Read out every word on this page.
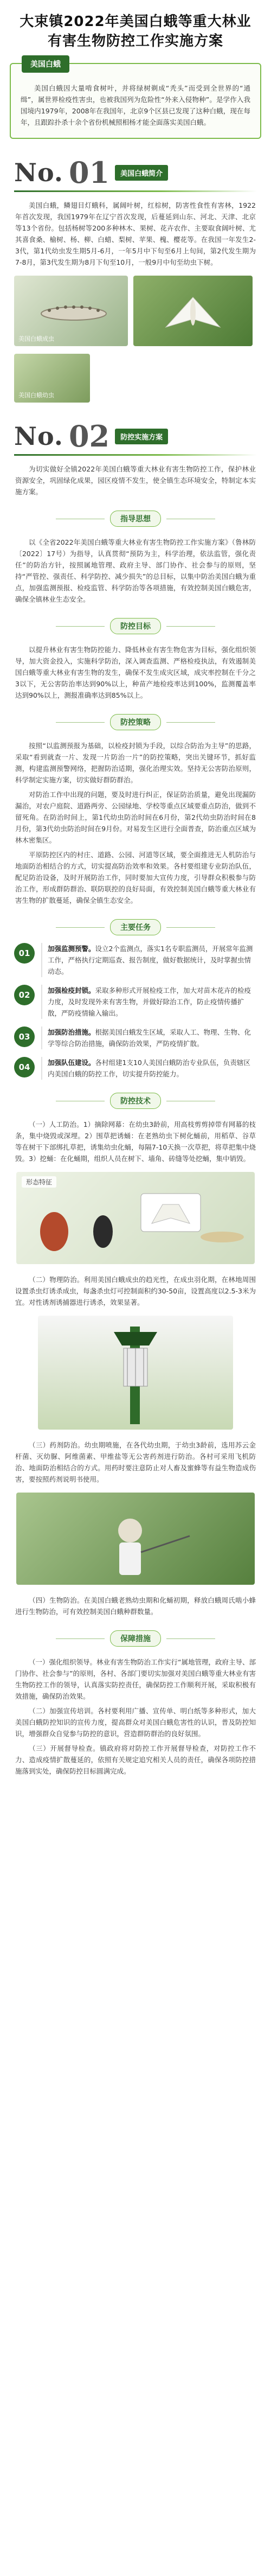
大束镇2022年美国白蛾等重大林业有害生物防控工作实施方案
美国白蛾
美国白蛾因大量啃食树叶，并将绿树剃成“秃头”而受到全世界的“通缉”，属世界检疫性害虫，也被我国列为危险性“外来入侵物种”。是学作入我国境内1979年，2008年在我国年，北京9个区县已发现了这种白蛾，现在每年，且跟踪扑杀十余个省份机械照相杨才能全面落实美国白蛾。
No. 01	美国白蛾简介
美国白蛾，鳞翅目灯蛾科，属阔叶树，红棕树，防害性食性有害林，1922年首次发现，我国1979年在辽宁首次发现，后蔓延到山东、河北、天津、北京等13个省份。包括杨树等200多种林木、果树、花卉农作、主要取食阔叶树、尤其喜食桑、榆树、杨、柳、白蜡、梨树、苹果、槐、樱花等。在我国一年发生2-3代，第1代幼虫发生期5月-6月，一年5月中下旬至6月上旬间，第2代发生期为7-8月，第3代发生期为8月下旬至10月，一般9月中旬至幼虫下树。
美国白蛾成虫
美国白蛾幼虫
No. 02	防控实施方案
为切实做好全镇2022年美国白蛾等重大林业有害生物防控工作，保护林业资源安全，巩固绿化成果，园区疫情不发生，使全镇生态环境安全，特制定本实施方案。
指导思想
以《全省2022年美国白蛾等重大林业有害生物防控工作实施方案》（鲁林防〔2022〕17号）为指导，认真贯彻“预防为主，科学治理，依法监管，强化责任”的防治方针，按照属地管理、政府主导、部门协作、社会参与的原则，坚持“严管控、强责任、科学防控、减少损失”的总目标，以集中防治美国白蛾为重点，加强监测预报、检疫监管、科学防治等各项措施，有效控制美国白蛾危害，确保全镇林业生态安全。
防控目标
以提升林业有害生物防控能力、降低林业有害生物危害为目标，强化组织领导，加大资金投入，实施科学防治，深入调查监测、严格检疫执法，有效遏制美国白蛾等重大林业有害生物的发生，确保不发生成灾区域，成灾率控制在千分之3以下，无公害防治率达到90%以上，种苗产地检疫率达到100%，监测覆盖率达到90%以上，测报准确率达到85%以上。
防控策略
按照“以监测预报为基础，以检疫封锁为手段，以综合防治为主导”的思路，采取“看到就查一片、发现一片防治一片”的防控策略，突出关键环节，抓好监测，构建监测预警网络，把握防治适期，强化治理实效。坚持无公害防治原则，科学制定实施方案，切实做好群防群治。
对防治工作中出现的问题，要及时进行纠正，保证防治质量，避免出现漏防漏治，对农户庭院、道路两旁、公园绿地、学校等重点区域要重点防治，做到不留死角。在防治时间上，第1代幼虫防治时间在6月份，第2代幼虫防治时间在8月份，第3代幼虫防治时间在9月份。对易发生区进行全面普查，防治重点区域为林木密集区。
平原防控区内的村庄、道路、公园、河道等区域，要全面推进无人机防治与地面防治相结合的方式，切实提高防治效率和效果。各村要组建专业防治队伍，配足防治设备，及时开展防治工作，同时要加大宣传力度，引导群众积极参与防治工作，形成群防群治、联防联控的良好局面，有效控制美国白蛾等重大林业有害生物的扩散蔓延，确保全镇生态安全。
主要任务
01	加强监测预警。设立2个监测点，落实1名专职监测员，开展常年监测工作，严格执行定期巡查、报告制度，做好数据统计，及时掌握虫情动态。
02	加强检疫封锁。采取多种形式开展检疫工作，加大对苗木花卉的检疫力度，及时发现外来有害生物，并做好除治工作，防止疫情传播扩散，严防疫情输入输出。
03	加强防治措施。根据美国白蛾发生区域，采取人工、物理、生物、化学等综合防治措施，确保防治效果，严防疫情扩散。
04	加强队伍建设。各村组建1支10人美国白蛾防治专业队伍，负责辖区内美国白蛾的防控工作，切实提升防控能力。
防控技术
（一）人工防治。1）摘除网幕：在幼虫3龄前，用高枝剪剪掉带有网幕的枝条，集中烧毁或深埋。2）围草把诱蛹：在老熟幼虫下树化蛹前，用稻草、谷草等在树干下部绑扎草把，诱集幼虫化蛹，每隔7-10天换一次草把，将草把集中烧毁。3）挖蛹：在化蛹期，组织人员在树下、墙角、砖缝等处挖蛹，集中销毁。
形态特征
（二）物理防治。利用美国白蛾成虫的趋光性，在成虫羽化期，在林地周围设置杀虫灯诱杀成虫，每盏杀虫灯可控制面积约30-50亩，设置高度以2.5-3米为宜。对性诱剂诱捕器进行诱杀，效果显著。
（三）药剂防治。幼虫期喷施，在各代幼虫期，于幼虫3龄前，选用苏云金杆菌、灭幼脲、阿维菌素、甲维盐等无公害药剂进行防治。各村可采用飞机防治、地面防治相结合的方式。用药时要注意防止对人畜及蜜蜂等有益生物造成伤害，要按照药剂说明书使用。
（四）生物防治。在美国白蛾老熟幼虫期和化蛹初期，释放白蛾周氏啮小蜂进行生物防治，可有效控制美国白蛾种群数量。
保障措施
（一）强化组织领导。林业有害生物防治工作实行“属地管理，政府主导、部门协作、社会参与”的原则，各村、各部门要切实加强对美国白蛾等重大林业有害生物防控工作的领导，认真落实防控责任，确保防控工作顺利开展，采取积极有效措施，确保防治效果。
（二）加强宣传培训。各村要利用广播、宣传单、明白纸等多种形式，加大美国白蛾防控知识的宣传力度，提高群众对美国白蛾危害性的认识，普及防控知识，增强群众自觉参与防控的意识，营造群防群治的良好氛围。
（三）开展督导检查。镇政府将对防控工作开展督导检查，对防控工作不力、造成疫情扩散蔓延的，依照有关规定追究相关人员的责任，确保各项防控措施落到实处，确保防控目标圆满完成。
